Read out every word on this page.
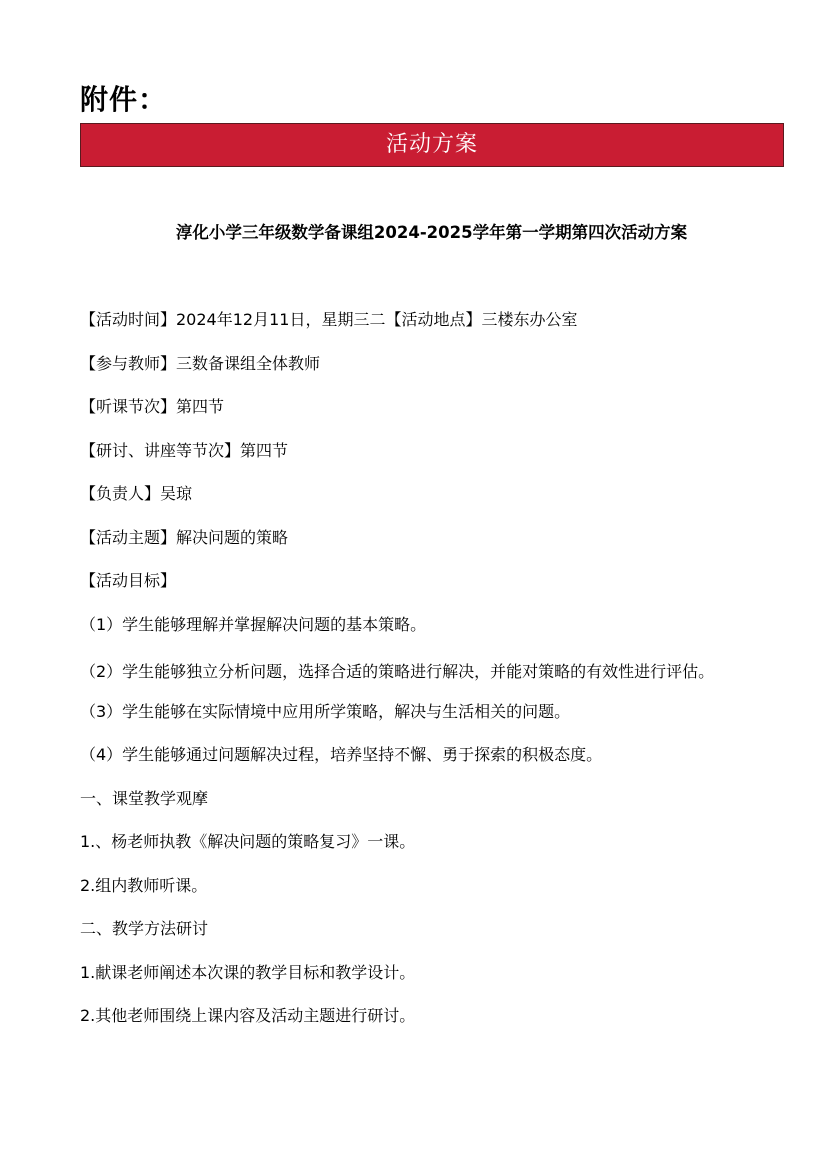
附件：
活动方案
淳化小学三年级数学备课组2024-2025学年第一学期第四次活动方案
【活动时间】2024年12月11日，星期三二【活动地点】三楼东办公室
【参与教师】三数备课组全体教师
【听课节次】第四节
【研讨、讲座等节次】第四节
【负责人】吴琼
【活动主题】解决问题的策略
【活动目标】
（1）学生能够理解并掌握解决问题的基本策略。
（2）学生能够独立分析问题，选择合适的策略进行解决，并能对策略的有效性进行评估。
（3）学生能够在实际情境中应用所学策略，解决与生活相关的问题。
（4）学生能够通过问题解决过程，培养坚持不懈、勇于探索的积极态度。
一、课堂教学观摩
1.、杨老师执教《解决问题的策略复习》一课。
2.组内教师听课。
二、教学方法研讨
1.献课老师阐述本次课的教学目标和教学设计。
2.其他老师围绕上课内容及活动主题进行研讨。
